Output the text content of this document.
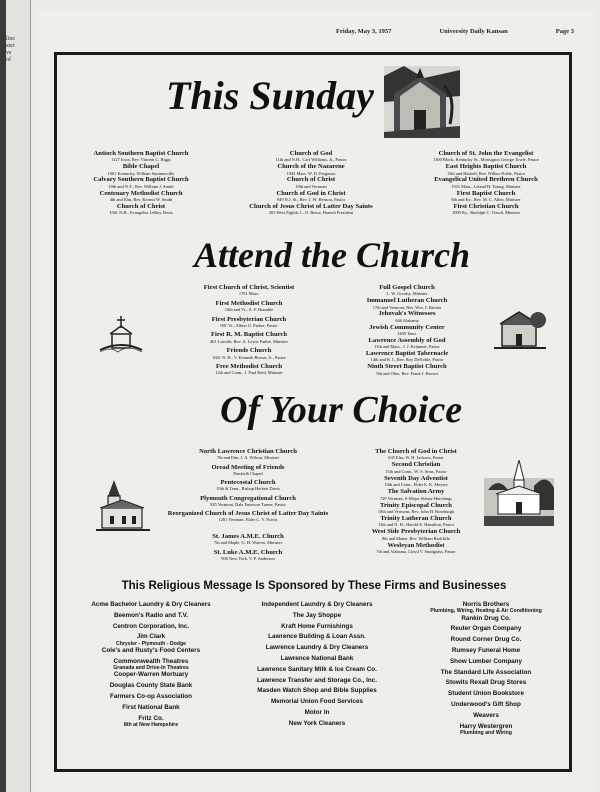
line
ster
ve
of
Friday, May 3, 1957	University Daily Kansan	Page 3
This Sunday
Attend the Church
Of Your Choice
Antioch Southern Baptist Church
1127 Iowa, Rev. Vincent C. Riggs
Bible Chapel
1001 Kentucky, William Summerville
Calvary Southern Baptist Church
10th and N.Y., Rev. William J. Smith
Centenary Methodist Church
4th and Elm, Rev. Kermit W. Smith
Church of Christ
1561 N.H., Evangelist LeRoy Davis
Church of God
11th and N.H., Carl Williams, Jr., Pastor
Church of the Nazarene
1942 Mass. W. D. Ferguson
Church of Christ
19th and Vermont
Church of God in Christ
949 N.J. St., Rev. J. W. Henson, Pastor
Church of Jesus Christ of Latter Day Saints
203 West Eighth, L. O. Reese, Branch President
Church of St. John the Evangelist
1300 Block, Kentucky St., Monsignor George Towle, Pastor
East Heights Baptist Church
13th and Haskell, Rev. Wilbur Noble, Pastor
Evangelical United Brethren Church
1501 Mass., Leland H. Young, Minister
First Baptist Church
8th and Ky., Rev. M. C. Allen, Minister
First Christian Church
1000 Ky., Rudolph C. Tetsch, Minister
First Church of Christ, Scientist
1701 Mass.
First Methodist Church
10th and Vt., A. F. Bramble
First Presbyterian Church
901 Vt., Albert G. Parker, Pastor
First R. M. Baptist Church
401 Lincoln, Rev. A. Lewis Parker, Minister
Friends Church
1601 N. H., V. Kenneth Brown, Jr., Pastor
Free Methodist Church
12th and Conn., J. Paul Reid, Minister
Full Gospel Church
L. W. Goosby, Minister
Immanuel Lutheran Church
17th and Vermont, Rev. Wm. J. Britton
Jehovah's Witnesses
646 Alabama
Jewish Community Center
1409 Tenn.
Lawrence Assembly of God
13th and Mass., J. J. Krimmer, Pastor
Lawrence Baptist Tabernacle
14th and R. I., Rev. Roy DeNoble, Pastor
Ninth Street Baptist Church
9th and Ohio, Rev. Frank J. Brown
North Lawrence Christian Church
7th and Elm, J. A. Wilson, Minister
Oread Meeting of Friends
Danforth Chapel
Pentecostal Church
19th & Tenn., Bishop Herbert Davis
Plymouth Congregational Church
925 Vermont, Dale Emerson Turner, Pastor
Reorganized Church of Jesus Christ of Latter Day Saints
1201 Vermont, Elder C. V. Norris
St. James A.M.E. Church
7th and Maple, G. H. Warren, Minister
St. Luke A.M.E. Church
900 New York, V. P. Anderson
The Church of God in Christ
635 Elm, W. H. Jackson, Pastor
Second Christian
15th and Conn., W. S. Sims, Pastor
Seventh Day Adventist
10th and Conn., Elder E. K. Meyers
The Salvation Army
729 Vermont, S-Major Sidney Hutchings
Trinity Episcopal Church
10th and Vermont, Rev. John H. Roseburgh
Trinity Lutheran Church
13th and N. H., Harold E. Hamilton, Pastor
West Side Presbyterian Church
8th and Maine, Rev. William Radcliffe
Wesleyan Methodist
7th and Alabama, Lloyd V. Snodgrass, Pastor
This Religious Message Is Sponsored by These Firms and Businesses
Acme Bachelor Laundry & Dry Cleaners
Beemon's Radio and T.V.
Centron Corporation, Inc.
Jim Clark
Chrysler - Plymouth - Dodge
Cole's and Rusty's Food Centers
Commonwealth Theatres
Granada and Drive-In Theatres
Cooper-Warren Mortuary
Douglas County State Bank
Farmers Co-op Association
First National Bank
Fritz Co.
8th at New Hampshire
Independent Laundry & Dry Cleaners
The Jay Shoppe
Kraft Home Furnishings
Lawrence Building & Loan Assn.
Lawrence Laundry & Dry Cleaners
Lawrence National Bank
Lawrence Sanitary Milk & Ice Cream Co.
Lawrence Transfer and Storage Co., Inc.
Masden Watch Shop and Bible Supplies
Memorial Union Food Services
Motor In
New York Cleaners
Norris Brothers
Plumbing, Wiring, Heating & Air Conditioning
Rankin Drug Co.
Reuter Organ Company
Round Corner Drug Co.
Rumsey Funeral Home
Show Lumber Company
The Standard Life Association
Stowits Rexall Drug Stores
Student Union Bookstore
Underwood's Gift Shop
Weavers
Harry Westergren
Plumbing and Wiring
